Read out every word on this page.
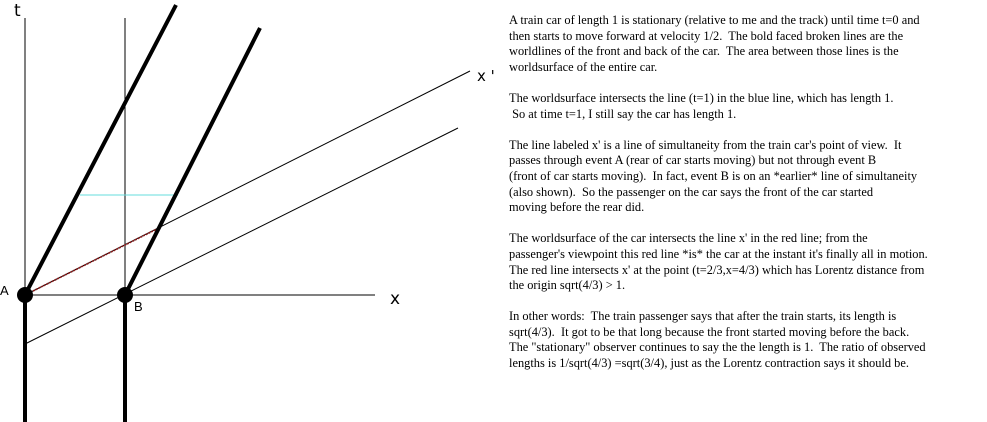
t
x
x '
A
B

A train car of length 1 is stationary (relative to me and the track) until time t=0 and
then starts to move forward at velocity 1/2.  The bold faced broken lines are the
worldlines of the front and back of the car.  The area between those lines is the
worldsurface of the entire car.

The worldsurface intersects the line (t=1) in the blue line, which has length 1.
So at time t=1, I still say the car has length 1.

The line labeled x' is a line of simultaneity from the train car's point of view.  It
passes through event A (rear of car starts moving) but not through event B
(front of car starts moving).  In fact, event B is on an *earlier* line of simultaneity
(also shown).  So the passenger on the car says the front of the car started
moving before the rear did.

The worldsurface of the car intersects the line x' in the red line; from the
passenger's viewpoint this red line *is* the car at the instant it's finally all in motion.
The red line intersects x' at the point (t=2/3,x=4/3) which has Lorentz distance from
the origin sqrt(4/3) > 1.

In other words:  The train passenger says that after the train starts, its length is
sqrt(4/3).  It got to be that long because the front started moving before the back.
The "stationary" observer continues to say the the length is 1.  The ratio of observed
lengths is 1/sqrt(4/3) =sqrt(3/4), just as the Lorentz contraction says it should be.
